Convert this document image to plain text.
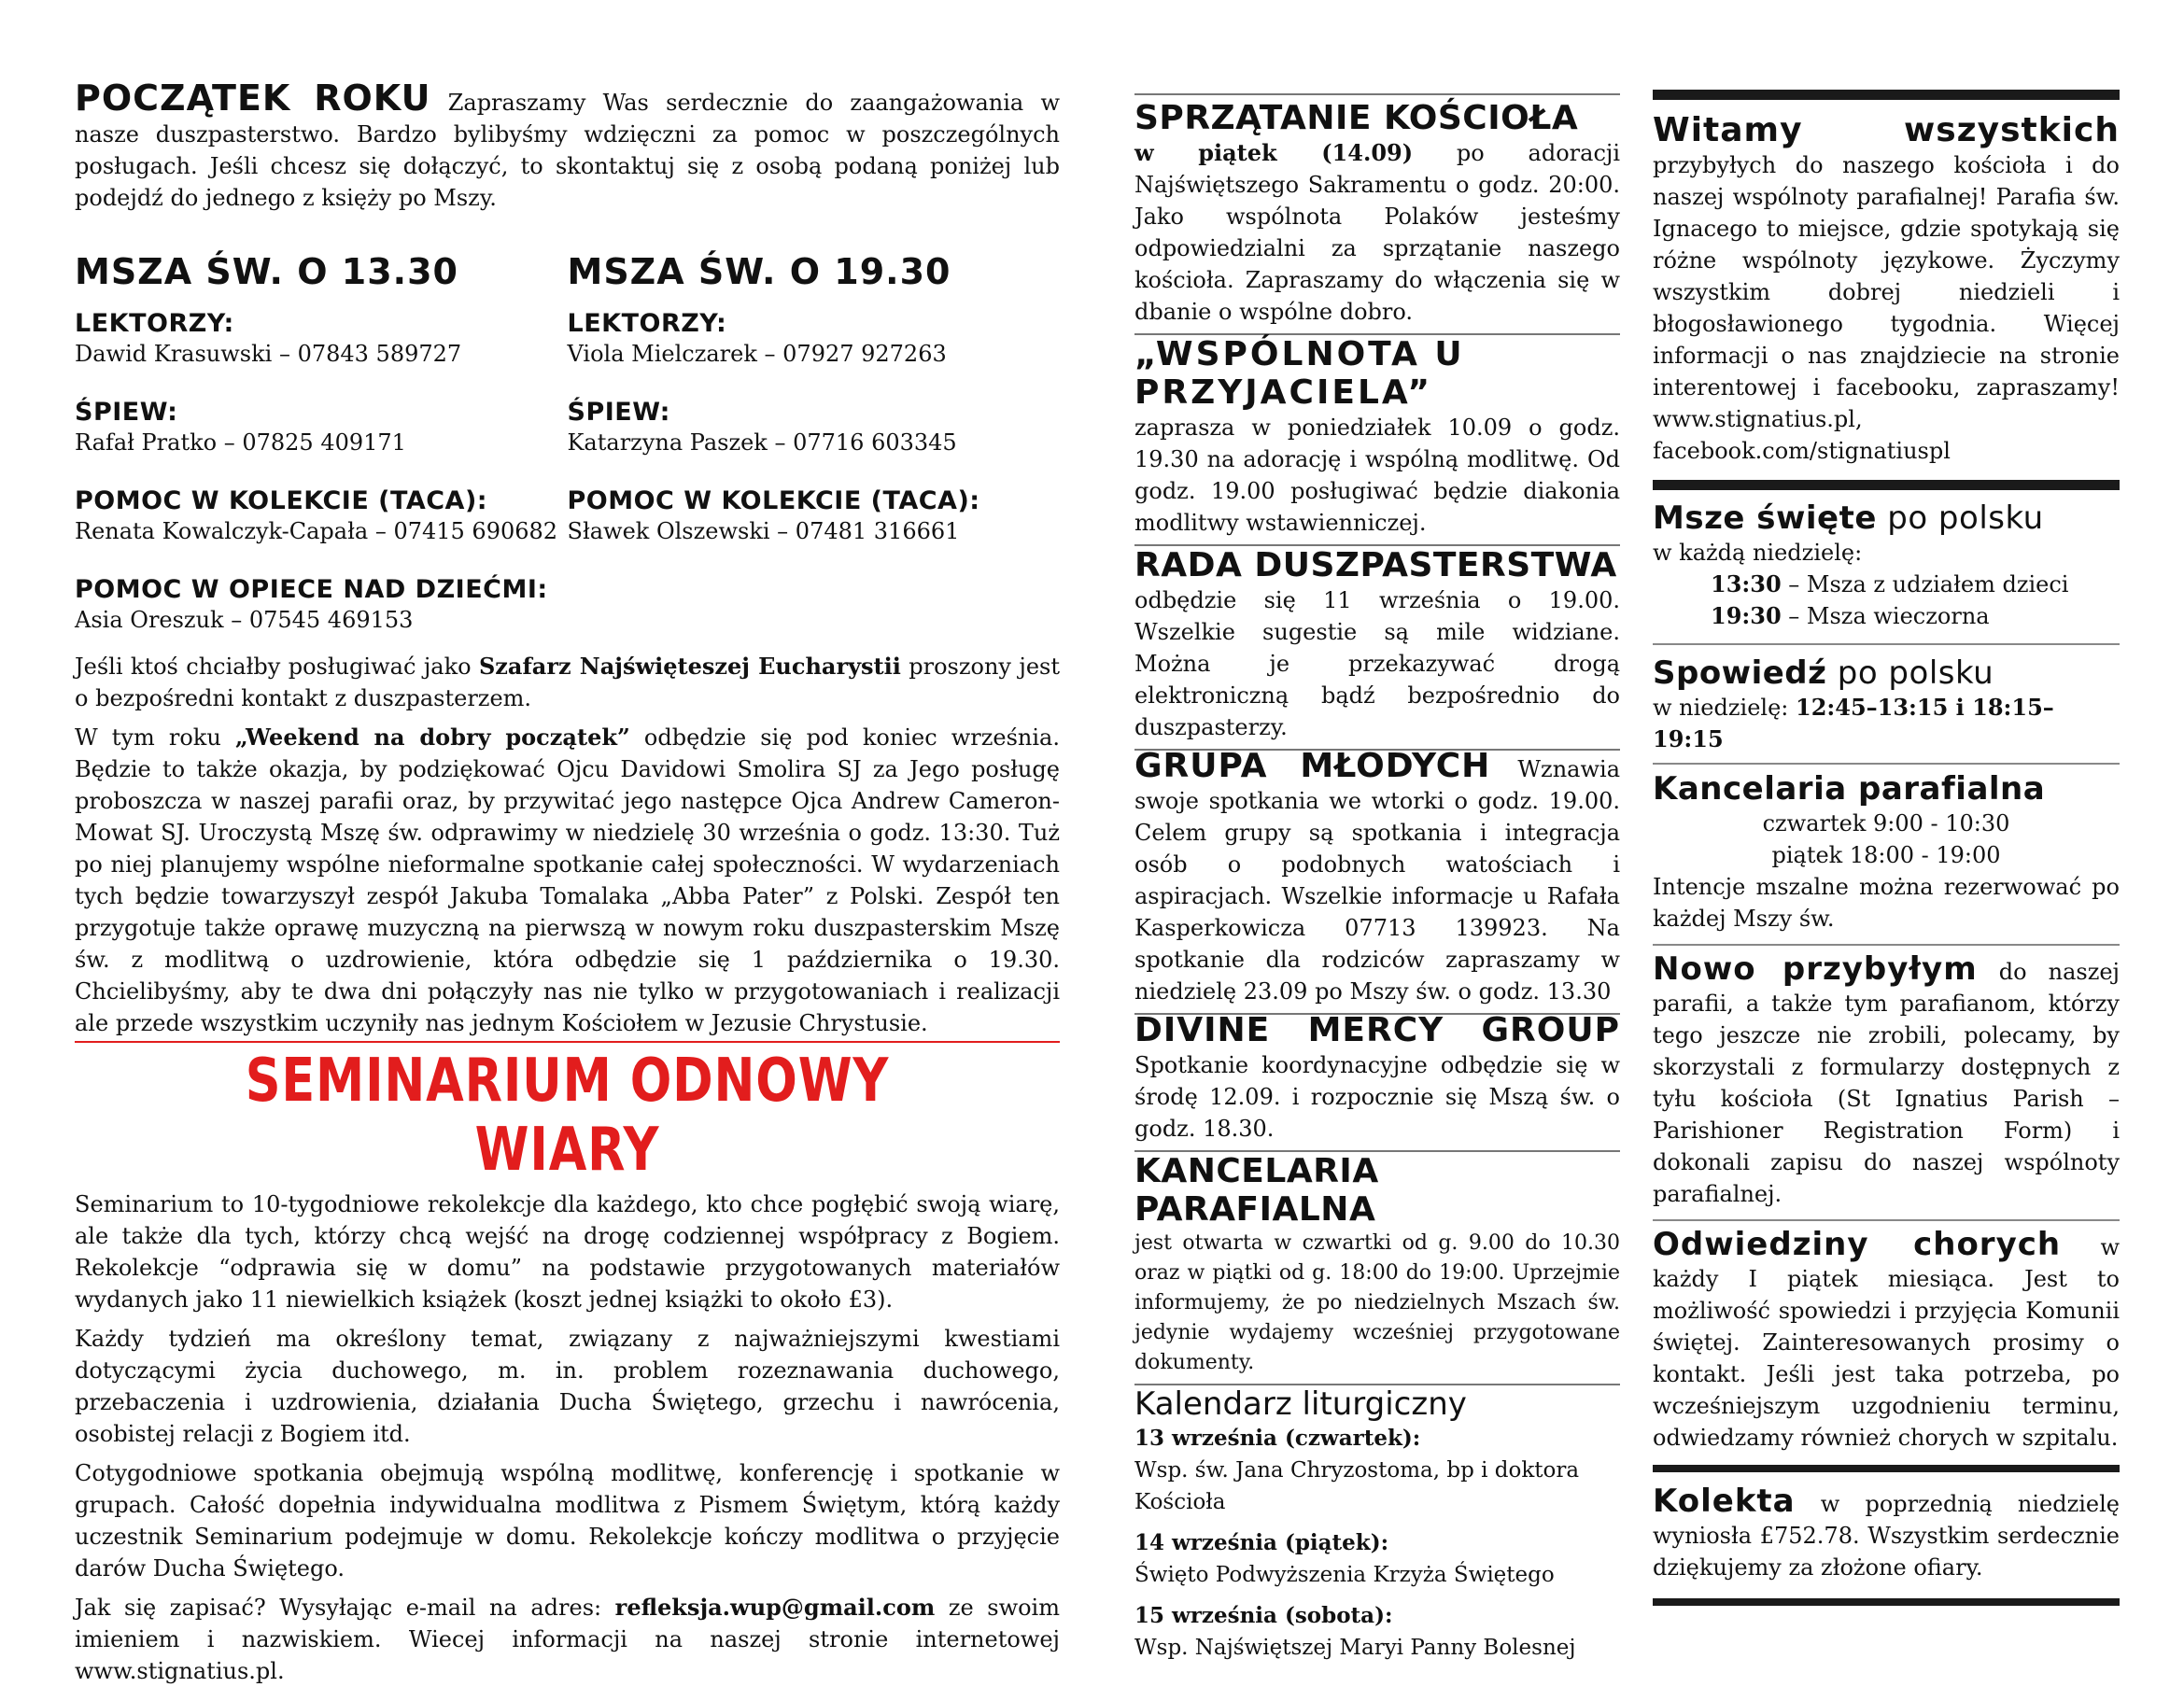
POCZĄTEK ROKU Zapraszamy Was serdecznie do zaangażowania w nasze duszpasterstwo. Bardzo bylibyśmy wdzięczni za pomoc w poszczególnych posługach. Jeśli chcesz się dołączyć, to skontaktuj się z osobą podaną poniżej lub podejdź do jednego z księży po Mszy.

MSZA ŚW. O 13.30
LEKTORZY:
Dawid Krasuwski – 07843 589727
ŚPIEW:
Rafał Pratko – 07825 409171
POMOC W KOLEKCIE (TACA):
Renata Kowalczyk-Capała – 07415 690682
POMOC W OPIECE NAD DZIEĆMI:
Asia Oreszuk – 07545 469153
MSZA ŚW. O 19.30
LEKTORZY:
Viola Mielczarek – 07927 927263
ŚPIEW:
Katarzyna Paszek – 07716 603345
POMOC W KOLEKCIE (TACA):
Sławek Olszewski – 07481 316661

Jeśli ktoś chciałby posługiwać jako Szafarz Najświęteszej Eucharystii proszony jest o bezpośredni kontakt z duszpasterzem.

W tym roku „Weekend na dobry początek” odbędzie się pod koniec września. Będzie to także okazja, by podziękować Ojcu Davidowi Smolira SJ za Jego posługę proboszcza w naszej parafii oraz, by przywitać jego następce Ojca Andrew Cameron-Mowat SJ. Uroczystą Mszę św. odprawimy w niedzielę 30 września o godz. 13:30. Tuż po niej planujemy wspólne nieformalne spotkanie całej społeczności. W wydarzeniach tych będzie towarzyszył zespół Jakuba Tomalaka „Abba Pater” z Polski. Zespół ten przygotuje także oprawę muzyczną na pierwszą w nowym roku duszpasterskim Mszę św. z modlitwą o uzdrowienie, która odbędzie się 1 października o 19.30. Chcielibyśmy, aby te dwa dni połączyły nas nie tylko w przygotowaniach i realizacji ale przede wszystkim uczyniły nas jednym Kościołem w Jezusie Chrystusie.

SEMINARIUM ODNOWY WIARY

Seminarium to 10-tygodniowe rekolekcje dla każdego, kto chce pogłębić swoją wiarę, ale także dla tych, którzy chcą wejść na drogę codziennej współpracy z Bogiem. Rekolekcje “odprawia się w domu” na podstawie przygotowanych materiałów wydanych jako 11 niewielkich książek (koszt jednej książki to około £3).

Każdy tydzień ma określony temat, związany z najważniejszymi kwestiami dotyczącymi życia duchowego, m. in. problem rozeznawania duchowego, przebaczenia i uzdrowienia, działania Ducha Świętego, grzechu i nawrócenia, osobistej relacji z Bogiem itd.

Cotygodniowe spotkania obejmują wspólną modlitwę, konferencję i spotkanie w grupach. Całość dopełnia indywidualna modlitwa z Pismem Świętym, którą każdy uczestnik Seminarium podejmuje w domu. Rekolekcje kończy modlitwa o przyjęcie darów Ducha Świętego.

Jak się zapisać? Wysyłając e-mail na adres: refleksja.wup@gmail.com ze swoim imieniem i nazwiskiem. Wiecej informacji na naszej stronie internetowej www.stignatius.pl.

SPRZĄTANIE KOŚCIOŁA

w piątek (14.09) po adoracji Najświętszego Sakramentu o godz. 20:00. Jako wspólnota Polaków jesteśmy odpowiedzialni za sprzątanie naszego kościoła. Zapraszamy do włączenia się w dbanie o wspólne dobro.

„WSPÓLNOTA U PRZYJACIELA”

zaprasza w poniedziałek 10.09 o godz. 19.30 na adorację i wspólną modlitwę. Od godz. 19.00 posługiwać będzie diakonia modlitwy wstawienniczej.

RADA DUSZPASTERSTWA

odbędzie się 11 września o 19.00. Wszelkie sugestie są mile widziane. Można je przekazywać drogą elektroniczną bądź bezpośrednio do duszpasterzy.

GRUPA MŁODYCH Wznawia swoje spotkania we wtorki o godz. 19.00. Celem grupy są spotkania i integracja osób o podobnych watościach i aspiracjach. Wszelkie informacje u Rafała Kasperkowicza 07713 139923. Na spotkanie dla rodziców zapraszamy w niedzielę 23.09 po Mszy św. o godz. 13.30

DIVINE MERCY GROUP Spotkanie koordynacyjne odbędzie się w środę 12.09. i rozpocznie się Mszą św. o godz. 18.30.

KANCELARIA PARAFIALNA

jest otwarta w czwartki od g. 9.00 do 10.30 oraz w piątki od g. 18:00 do 19:00. Uprzejmie informujemy, że po niedzielnych Mszach św. jedynie wydajemy wcześniej przygotowane dokumenty.

Kalendarz liturgiczny
13 września (czwartek):
Wsp. św. Jana Chryzostoma, bp i doktora Kościoła
14 września (piątek):
Święto Podwyższenia Krzyża Świętego
15 września (sobota):
Wsp. Najświętszej Maryi Panny Bolesnej

Witamy wszystkich przybyłych do naszego kościoła i do naszej wspólnoty parafialnej! Parafia św. Ignacego to miejsce, gdzie spotykają się różne wspólnoty językowe. Życzymy wszystkim dobrej niedzieli i błogosławionego tygodnia. Więcej informacji o nas znajdziecie na stronie interentowej i facebooku, zapraszamy! www.stignatius.pl, facebook.com/stignatiuspl

Msze święte po polsku
w każdą niedzielę:
13:30 – Msza z udziałem dzieci
19:30 – Msza wieczorna
Spowiedź po polsku
w niedzielę: 12:45–13:15 i 18:15–19:15
Kancelaria parafialna
czwartek 9:00 - 10:30
piątek 18:00 - 19:00

Intencje mszalne można rezerwować po każdej Mszy św.

Nowo przybyłym do naszej parafii, a także tym parafianom, którzy tego jeszcze nie zrobili, polecamy, by skorzystali z formularzy dostępnych z tyłu kościoła (St Ignatius Parish – Parishioner Registration Form) i dokonali zapisu do naszej wspólnoty parafialnej.

Odwiedziny chorych w każdy I piątek miesiąca. Jest to możliwość spowiedzi i przyjęcia Komunii świętej. Zainteresowanych prosimy o kontakt. Jeśli jest taka potrzeba, po wcześniejszym uzgodnieniu terminu, odwiedzamy również chorych w szpitalu.

Kolekta w poprzednią niedzielę wyniosła £752.78. Wszystkim serdecznie dziękujemy za złożone ofiary.
